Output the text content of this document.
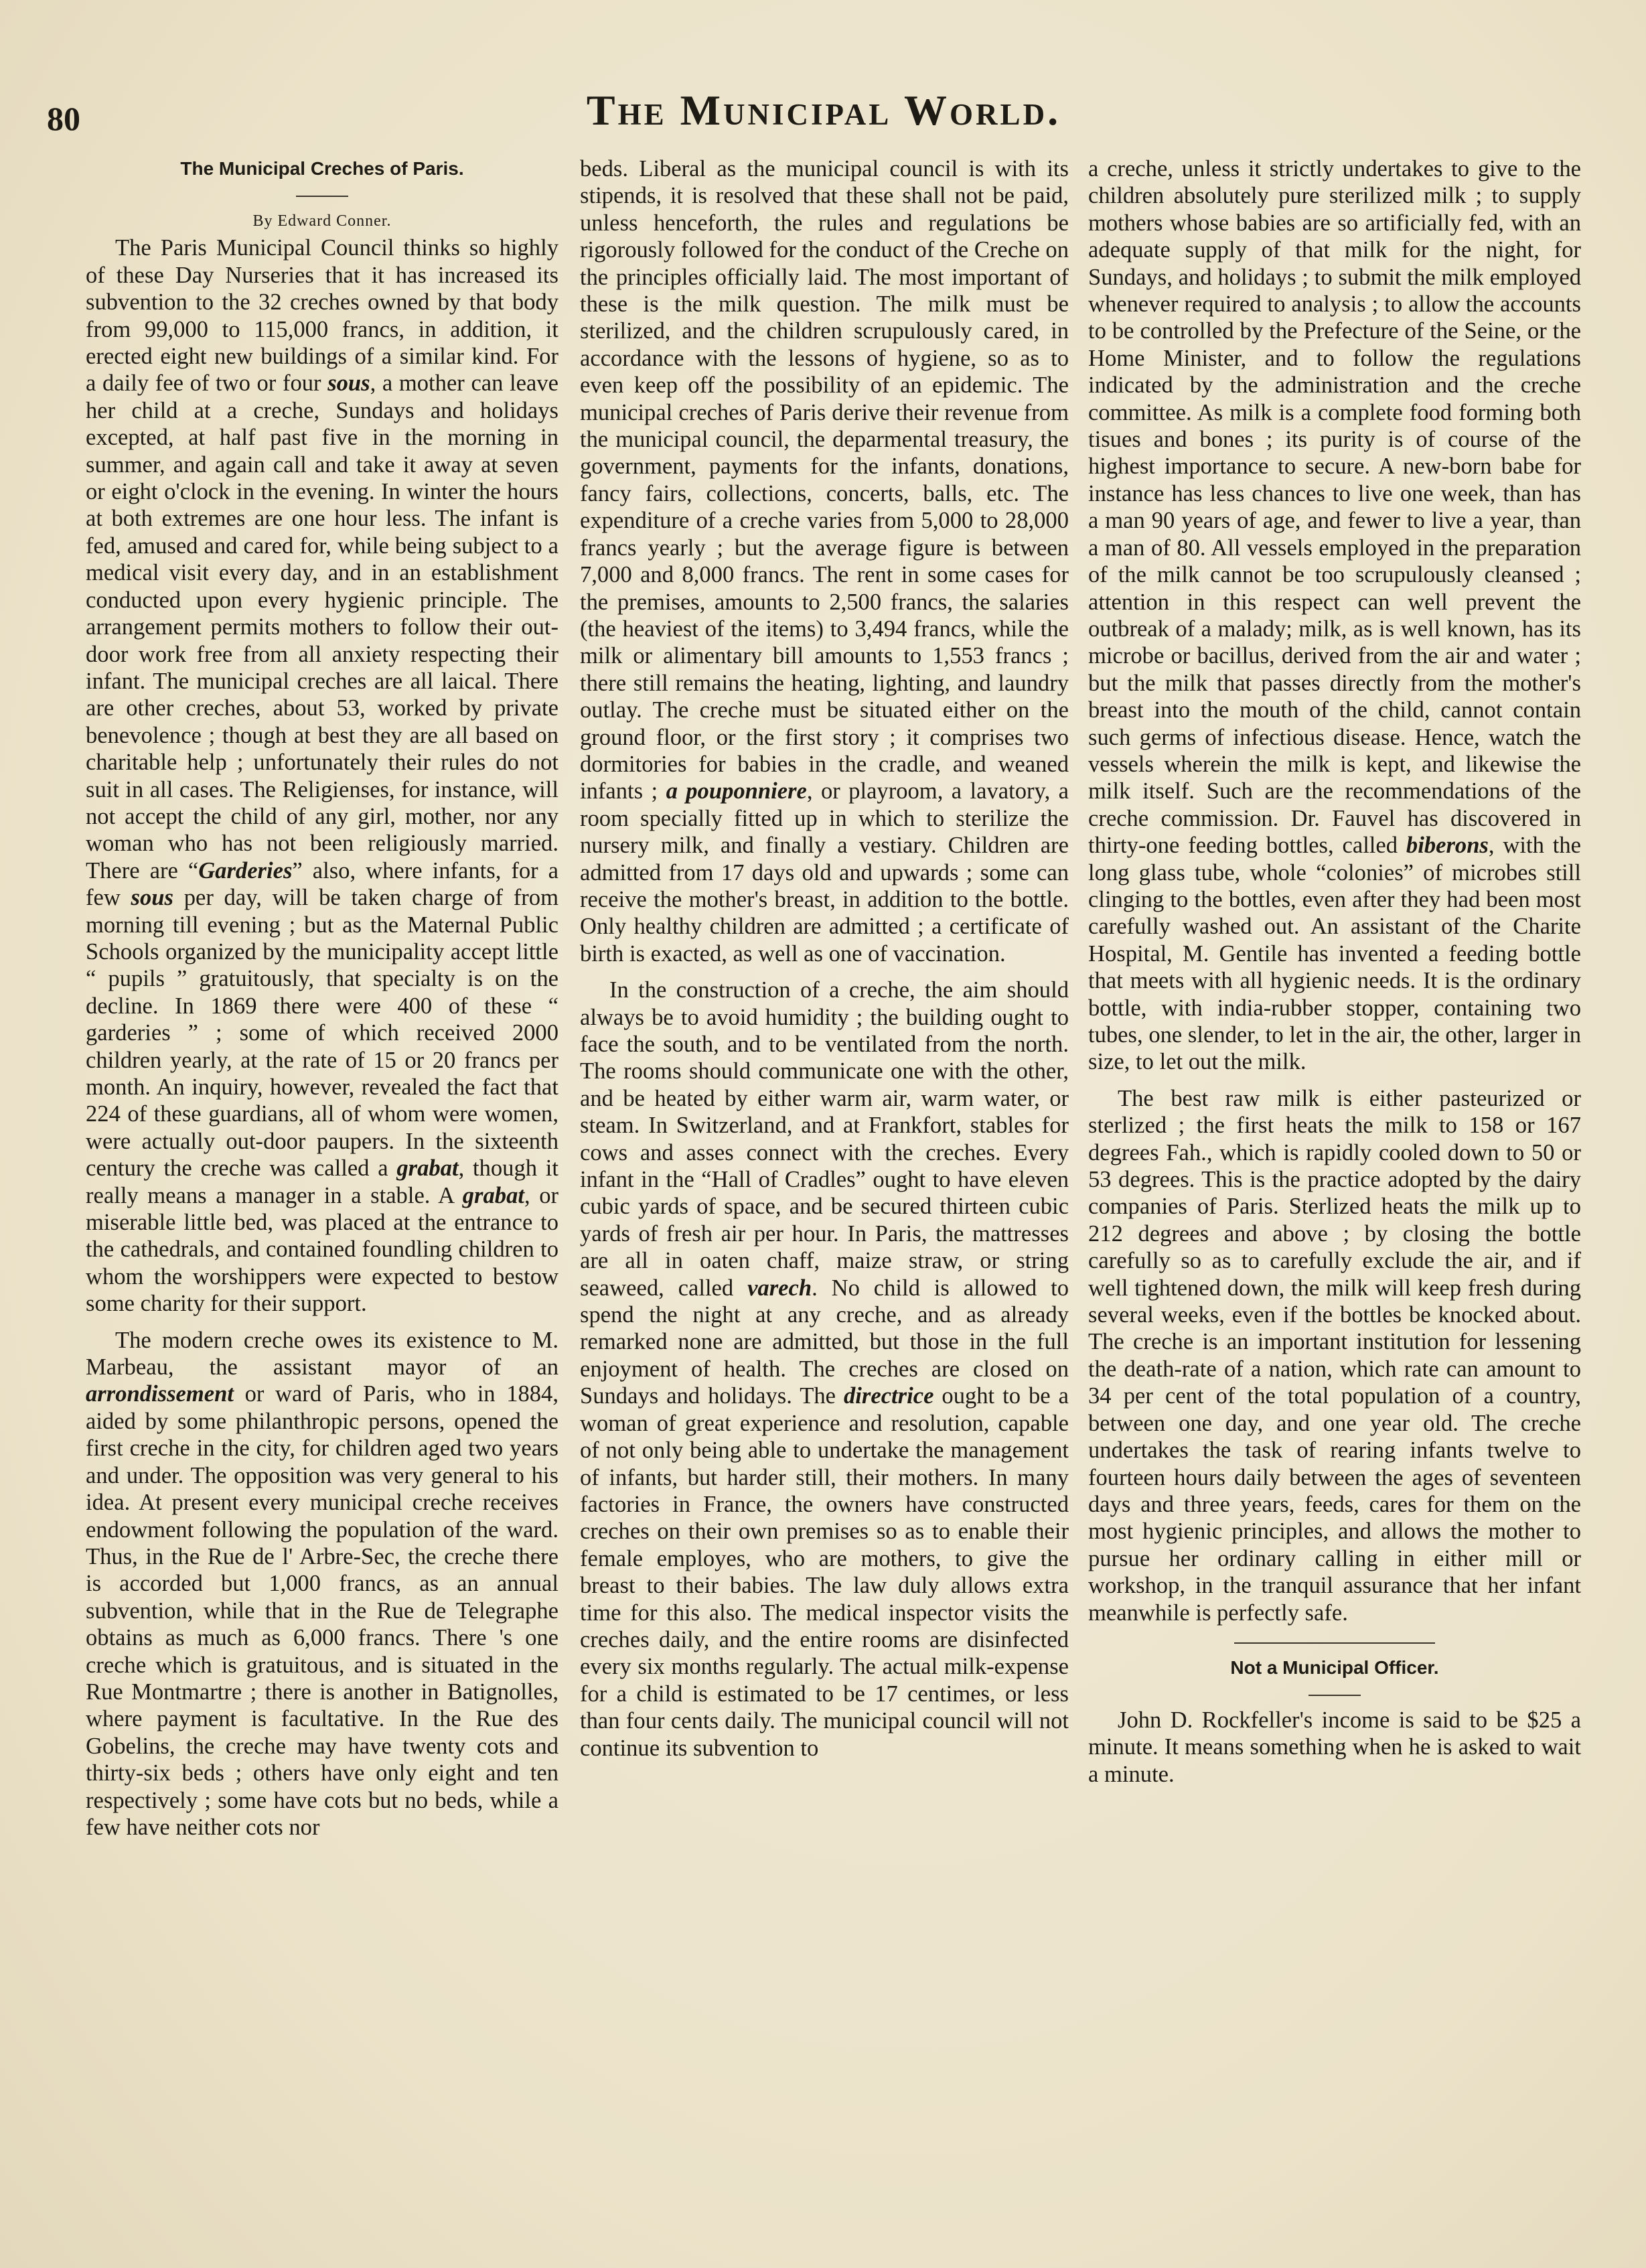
80	The Municipal World.

The Municipal Creches of Paris.

By Edward Conner.

The Paris Municipal Council thinks so highly of these Day Nurseries that it has increased its subvention to the 32 creches owned by that body from 99,000 to 115,000 francs, in addition, it erected eight new buildings of a similar kind. For a daily fee of two or four sous, a mother can leave her child at a creche, Sundays and holidays excepted, at half past five in the morning in summer, and again call and take it away at seven or eight o'clock in the evening. In winter the hours at both extremes are one hour less. The infant is fed, amused and cared for, while being subject to a medical visit every day, and in an establishment conducted upon every hygienic principle. The arrangement permits mothers to follow their out-door work free from all anxiety respecting their infant. The municipal creches are all laical. There are other creches, about 53, worked by private benevolence ; though at best they are all based on charitable help ; unfortunately their rules do not suit in all cases. The Religienses, for instance, will not accept the child of any girl, mother, nor any woman who has not been religiously married. There are “Garderies” also, where infants, for a few sous per day, will be taken charge of from morning till evening ; but as the Maternal Public Schools organized by the municipality accept little “ pupils ” gratuitously, that specialty is on the decline. In 1869 there were 400 of these “ garderies ” ; some of which received 2000 children yearly, at the rate of 15 or 20 francs per month. An inquiry, however, revealed the fact that 224 of these guardians, all of whom were women, were actually out-door paupers. In the sixteenth century the creche was called a grabat, though it really means a manager in a stable. A grabat, or miserable little bed, was placed at the entrance to the cathedrals, and contained foundling children to whom the worshippers were expected to bestow some charity for their support.
The modern creche owes its existence to M. Marbeau, the assistant mayor of an arrondissement or ward of Paris, who in 1884, aided by some philanthropic persons, opened the first creche in the city, for children aged two years and under. The opposition was very general to his idea. At present every municipal creche receives endowment following the population of the ward. Thus, in the Rue de l' Arbre-Sec, the creche there is accorded but 1,000 francs, as an annual subvention, while that in the Rue de Telegraphe obtains as much as 6,000 francs. There 's one creche which is gratuitous, and is situated in the Rue Montmartre ; there is another in Batignolles, where payment is facultative. In the Rue des Gobelins, the creche may have twenty cots and thirty-six beds ; others have only eight and ten respectively ; some have cots but no beds, while a few have neither cots nor
beds. Liberal as the municipal council is with its stipends, it is resolved that these shall not be paid, unless henceforth, the rules and regulations be rigorously followed for the conduct of the Creche on the principles officially laid. The most important of these is the milk question. The milk must be sterilized, and the children scrupulously cared, in accordance with the lessons of hygiene, so as to even keep off the possibility of an epidemic. The municipal creches of Paris derive their revenue from the municipal council, the deparmental treasury, the government, payments for the infants, donations, fancy fairs, collections, concerts, balls, etc. The expenditure of a creche varies from 5,000 to 28,000 francs yearly ; but the average figure is between 7,000 and 8,000 francs. The rent in some cases for the premises, amounts to 2,500 francs, the salaries (the heaviest of the items) to 3,494 francs, while the milk or alimentary bill amounts to 1,553 francs ; there still remains the heating, lighting, and laundry outlay. The creche must be situated either on the ground floor, or the first story ; it comprises two dormitories for babies in the cradle, and weaned infants ; a pouponniere, or playroom, a lavatory, a room specially fitted up in which to sterilize the nursery milk, and finally a vestiary. Children are admitted from 17 days old and upwards ; some can receive the mother's breast, in addition to the bottle. Only healthy children are admitted ; a certificate of birth is exacted, as well as one of vaccination.
In the construction of a creche, the aim should always be to avoid humidity ; the building ought to face the south, and to be ventilated from the north. The rooms should communicate one with the other, and be heated by either warm air, warm water, or steam. In Switzerland, and at Frankfort, stables for cows and asses connect with the creches. Every infant in the “Hall of Cradles” ought to have eleven cubic yards of space, and be secured thirteen cubic yards of fresh air per hour. In Paris, the mattresses are all in oaten chaff, maize straw, or string seaweed, called varech. No child is allowed to spend the night at any creche, and as already remarked none are admitted, but those in the full enjoyment of health. The creches are closed on Sundays and holidays. The directrice ought to be a woman of great experience and resolution, capable of not only being able to undertake the management of infants, but harder still, their mothers. In many factories in France, the owners have constructed creches on their own premises so as to enable their female employes, who are mothers, to give the breast to their babies. The law duly allows extra time for this also. The medical inspector visits the creches daily, and the entire rooms are disinfected every six months regularly. The actual milk-expense for a child is estimated to be 17 centimes, or less than four cents daily. The municipal council will not continue its subvention to
a creche, unless it strictly undertakes to give to the children absolutely pure sterilized milk ; to supply mothers whose babies are so artificially fed, with an adequate supply of that milk for the night, for Sundays, and holidays ; to submit the milk employed whenever required to analysis ; to allow the accounts to be controlled by the Prefecture of the Seine, or the Home Minister, and to follow the regulations indicated by the administration and the creche committee. As milk is a complete food forming both tisues and bones ; its purity is of course of the highest importance to secure. A new-born babe for instance has less chances to live one week, than has a man 90 years of age, and fewer to live a year, than a man of 80. All vessels employed in the preparation of the milk cannot be too scrupulously cleansed ; attention in this respect can well prevent the outbreak of a malady; milk, as is well known, has its microbe or bacillus, derived from the air and water ; but the milk that passes directly from the mother's breast into the mouth of the child, cannot contain such germs of infectious disease. Hence, watch the vessels wherein the milk is kept, and likewise the milk itself. Such are the recommendations of the creche commission. Dr. Fauvel has discovered in thirty-one feeding bottles, called biberons, with the long glass tube, whole “colonies” of microbes still clinging to the bottles, even after they had been most carefully washed out. An assistant of the Charite Hospital, M. Gentile has invented a feeding bottle that meets with all hygienic needs. It is the ordinary bottle, with india-rubber stopper, containing two tubes, one slender, to let in the air, the other, larger in size, to let out the milk.
The best raw milk is either pasteurized or sterlized ; the first heats the milk to 158 or 167 degrees Fah., which is rapidly cooled down to 50 or 53 degrees. This is the practice adopted by the dairy companies of Paris. Sterlized heats the milk up to 212 degrees and above ; by closing the bottle carefully so as to carefully exclude the air, and if well tightened down, the milk will keep fresh during several weeks, even if the bottles be knocked about. The creche is an important institution for lessening the death-rate of a nation, which rate can amount to 34 per cent of the total population of a country, between one day, and one year old. The creche undertakes the task of rearing infants twelve to fourteen hours daily between the ages of seventeen days and three years, feeds, cares for them on the most hygienic principles, and allows the mother to pursue her ordinary calling in either mill or workshop, in the tranquil assurance that her infant meanwhile is perfectly safe.

Not a Municipal Officer.

John D. Rockfeller's income is said to be $25 a minute. It means something when he is asked to wait a minute.
